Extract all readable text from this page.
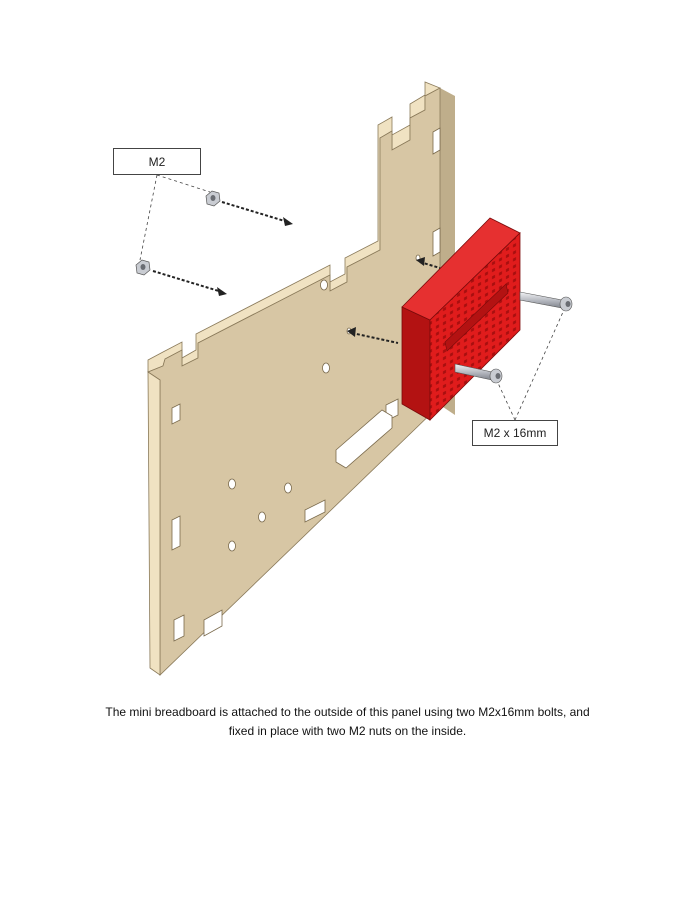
M2
M2 x 16mm

The mini breadboard is attached to the outside of this panel using two M2x16mm bolts, and

fixed in place with two M2 nuts on the inside.
